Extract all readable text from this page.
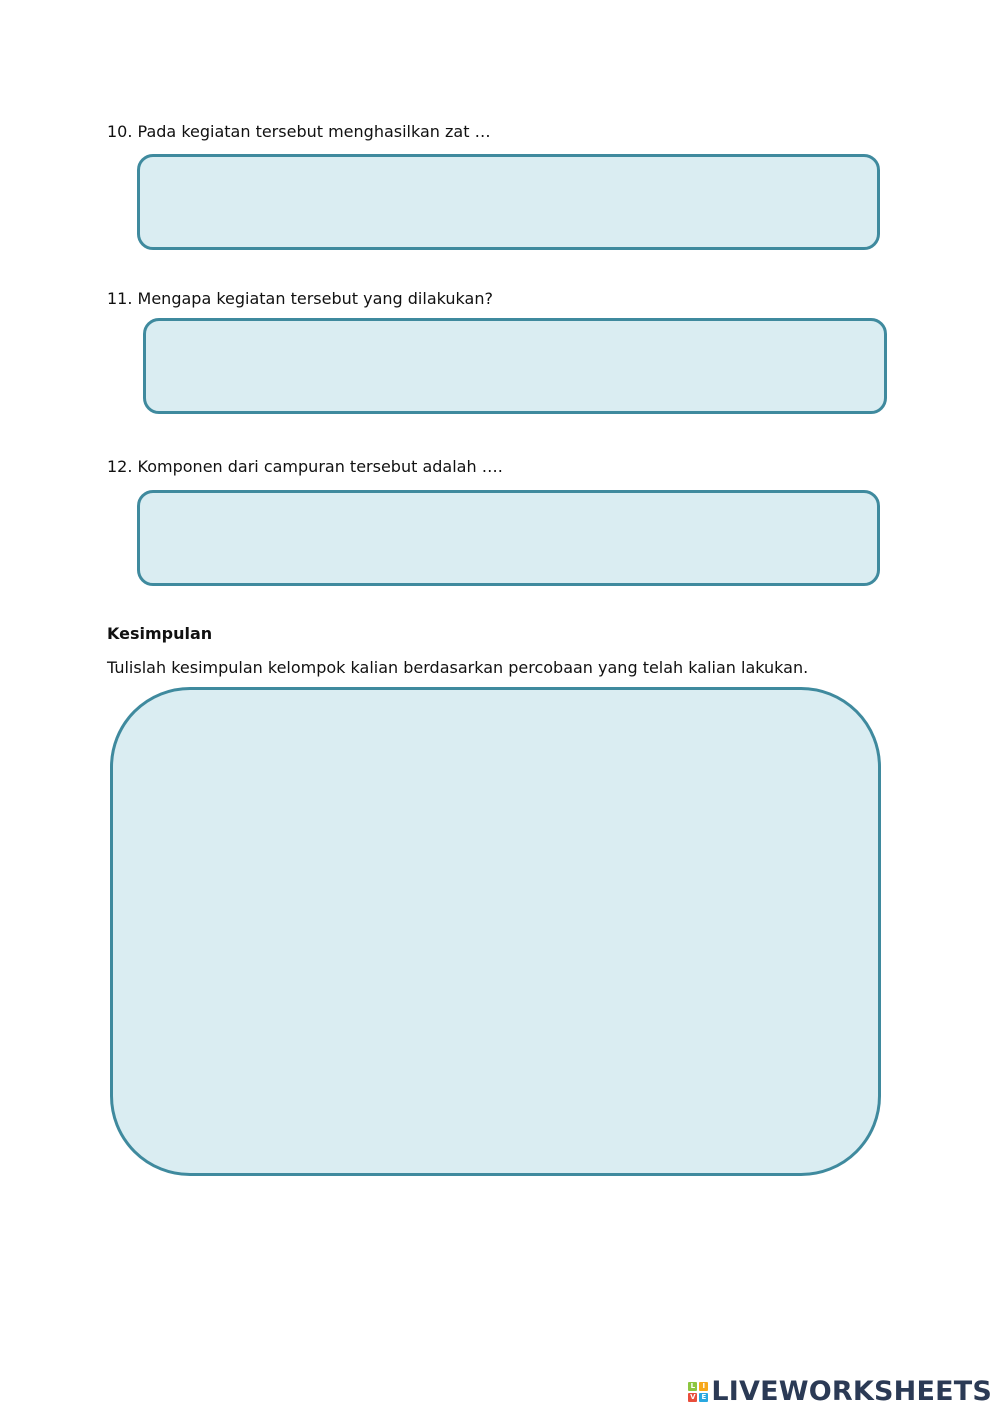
10. Pada kegiatan tersebut menghasilkan zat …
11. Mengapa kegiatan tersebut yang dilakukan?
12. Komponen dari campuran tersebut adalah ….
Kesimpulan
Tulislah kesimpulan kelompok kalian berdasarkan percobaan yang telah kalian lakukan.
L	I
V E LIVEWORKSHEETS
